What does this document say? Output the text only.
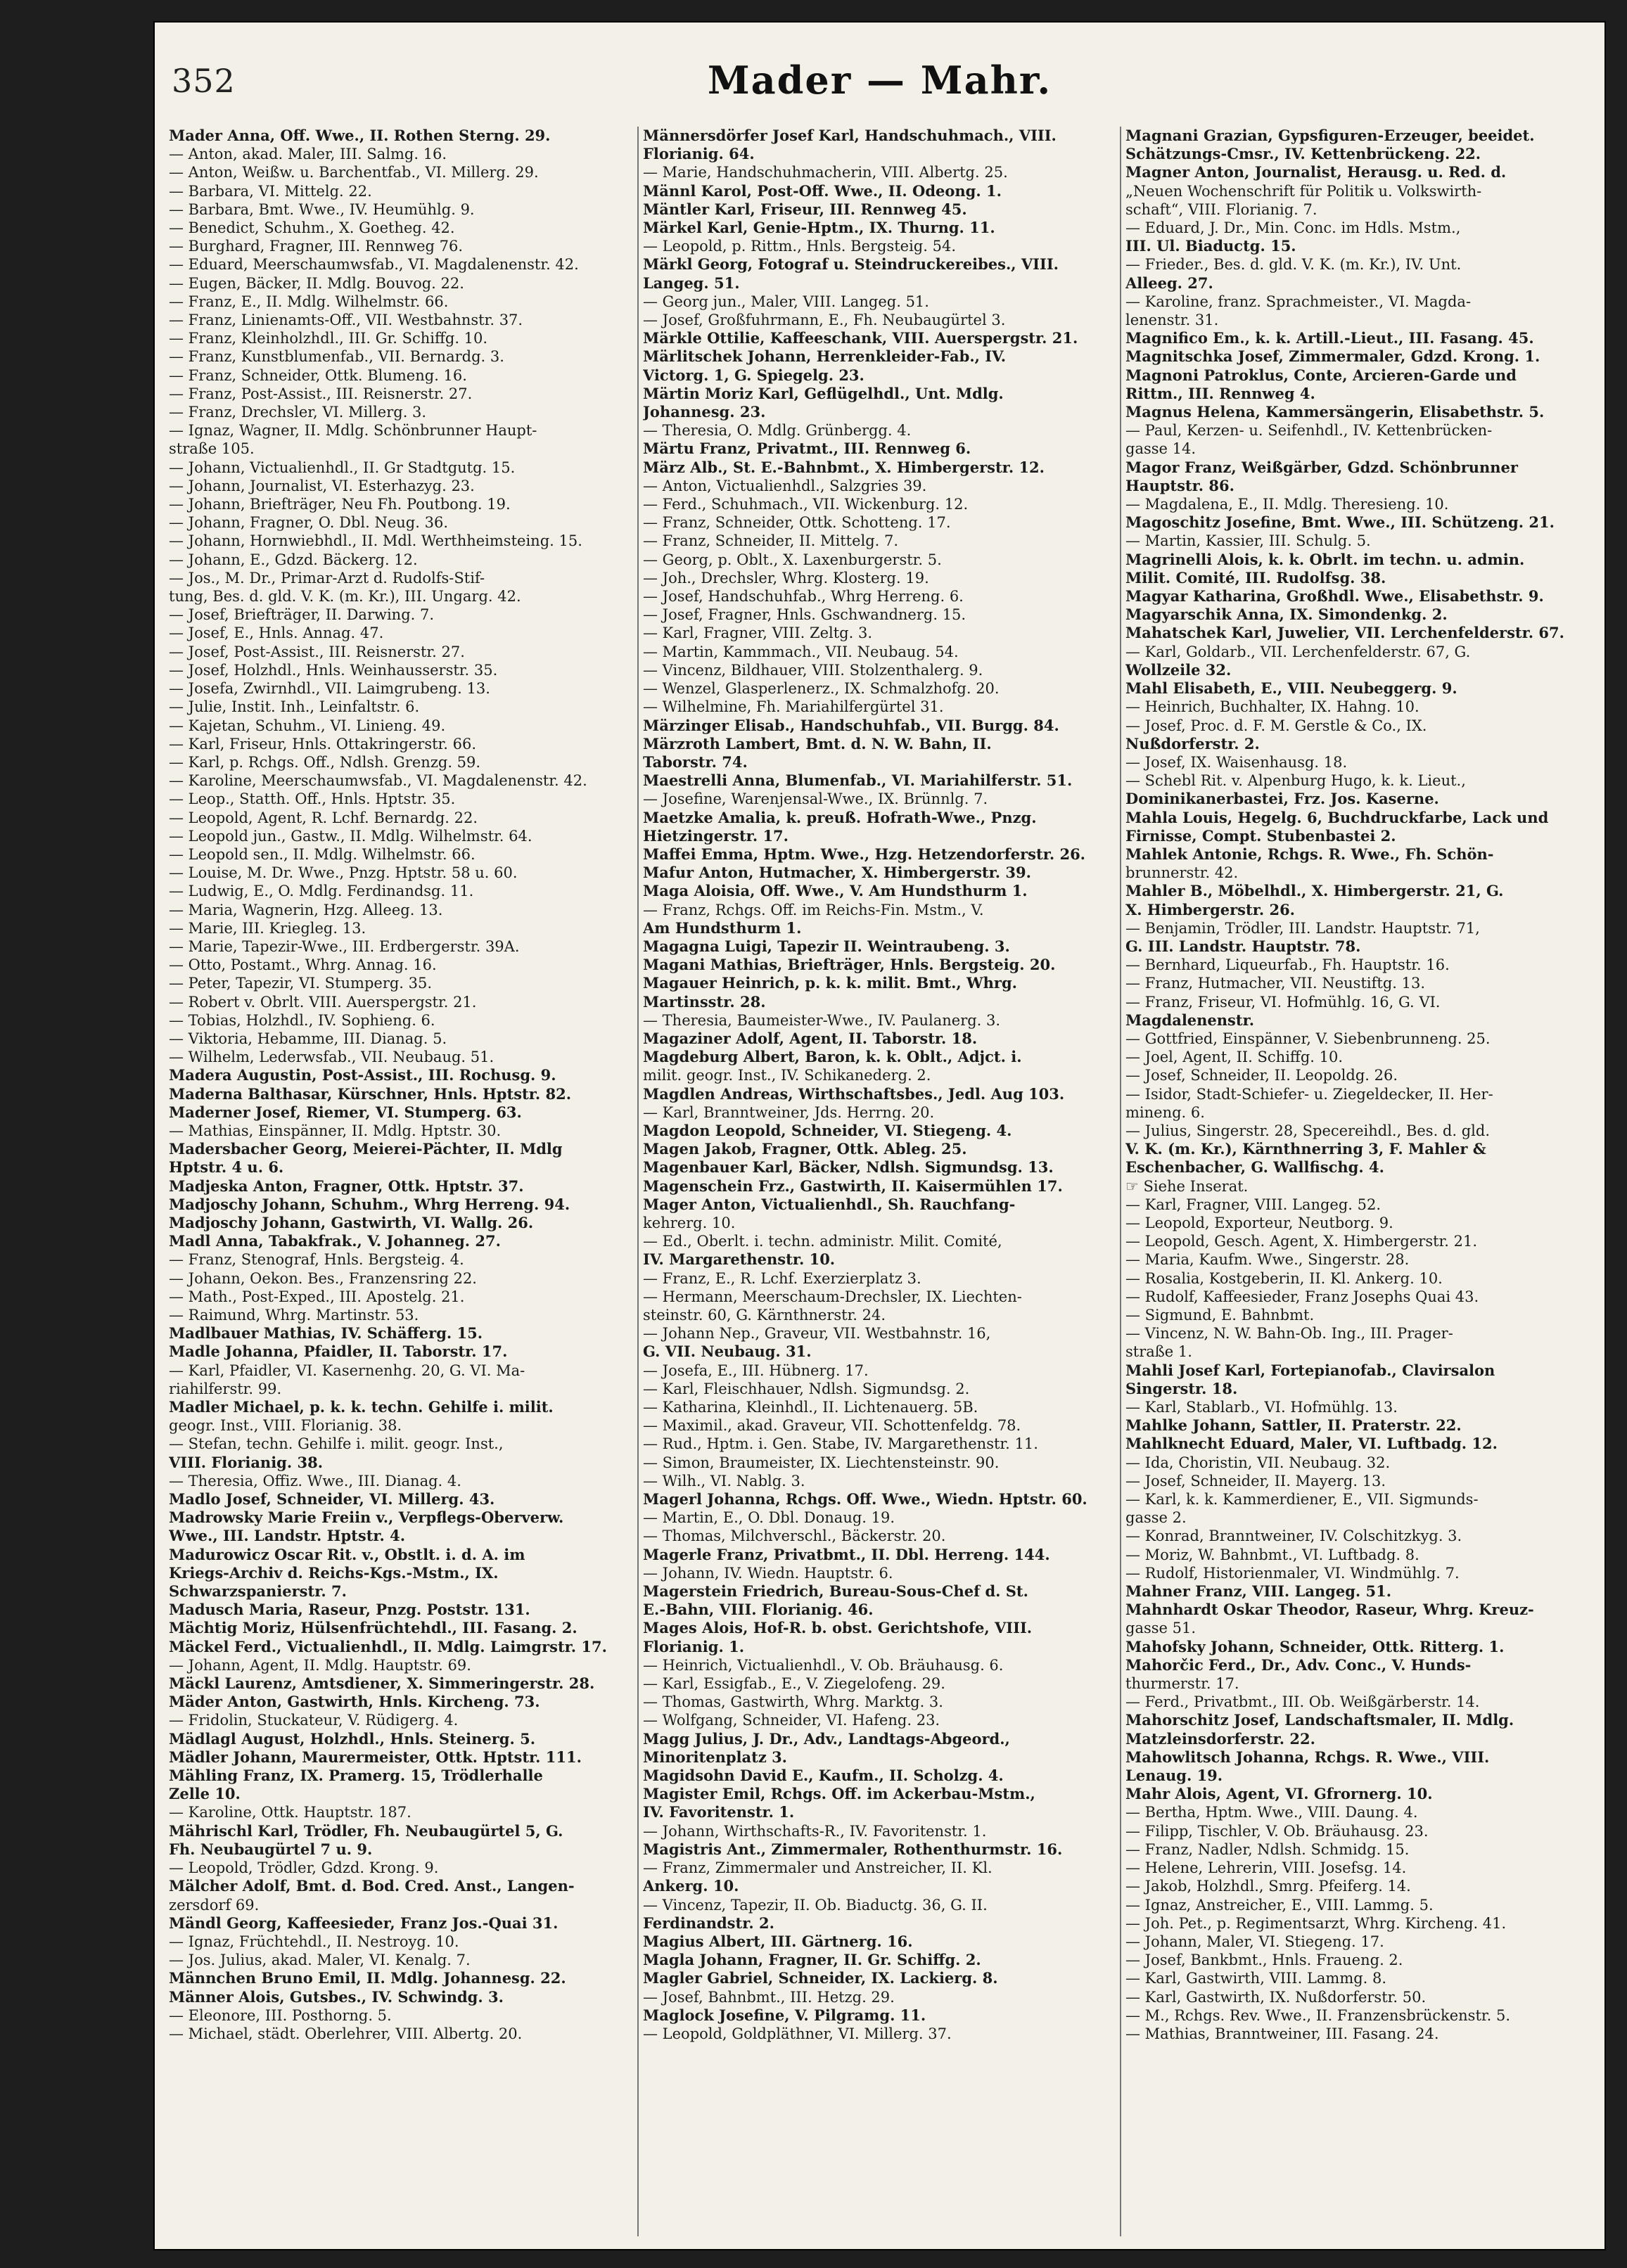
352	Mader — Mahr.

Mader Anna, Off. Wwe., II. Rothen Sterng. 29.

— Anton, akad. Maler, III. Salmg. 16.

— Anton, Weißw. u. Barchentfab., VI. Millerg. 29.

— Barbara, VI. Mittelg. 22.

— Barbara, Bmt. Wwe., IV. Heumühlg. 9.

— Benedict, Schuhm., X. Goetheg. 42.

— Burghard, Fragner, III. Rennweg 76.

— Eduard, Meerschaumwsfab., VI. Magdalenenstr. 42.

— Eugen, Bäcker, II. Mdlg. Bouvog. 22.

— Franz, E., II. Mdlg. Wilhelmstr. 66.

— Franz, Linienamts-Off., VII. Westbahnstr. 37.

— Franz, Kleinholzhdl., III. Gr. Schiffg. 10.

— Franz, Kunstblumenfab., VII. Bernardg. 3.

— Franz, Schneider, Ottk. Blumeng. 16.

— Franz, Post-Assist., III. Reisnerstr. 27.

— Franz, Drechsler, VI. Millerg. 3.

— Ignaz, Wagner, II. Mdlg. Schönbrunner Haupt-

straße 105.

— Johann, Victualienhdl., II. Gr Stadtgutg. 15.

— Johann, Journalist, VI. Esterhazyg. 23.

— Johann, Briefträger, Neu Fh. Poutbong. 19.

— Johann, Fragner, O. Dbl. Neug. 36.

— Johann, Hornwiebhdl., II. Mdl. Werthheimsteing. 15.

— Johann, E., Gdzd. Bäckerg. 12.

— Jos., M. Dr., Primar-Arzt d. Rudolfs-Stif-

tung, Bes. d. gld. V. K. (m. Kr.), III. Ungarg. 42.

— Josef, Briefträger, II. Darwing. 7.

— Josef, E., Hnls. Annag. 47.

— Josef, Post-Assist., III. Reisnerstr. 27.

— Josef, Holzhdl., Hnls. Weinhausserstr. 35.

— Josefa, Zwirnhdl., VII. Laimgrubeng. 13.

— Julie, Instit. Inh., Leinfaltstr. 6.

— Kajetan, Schuhm., VI. Linieng. 49.

— Karl, Friseur, Hnls. Ottakringerstr. 66.

— Karl, p. Rchgs. Off., Ndlsh. Grenzg. 59.

— Karoline, Meerschaumwsfab., VI. Magdalenenstr. 42.

— Leop., Statth. Off., Hnls. Hptstr. 35.

— Leopold, Agent, R. Lchf. Bernardg. 22.

— Leopold jun., Gastw., II. Mdlg. Wilhelmstr. 64.

— Leopold sen., II. Mdlg. Wilhelmstr. 66.

— Louise, M. Dr. Wwe., Pnzg. Hptstr. 58 u. 60.

— Ludwig, E., O. Mdlg. Ferdinandsg. 11.

— Maria, Wagnerin, Hzg. Alleeg. 13.

— Marie, III. Kriegleg. 13.

— Marie, Tapezir-Wwe., III. Erdbergerstr. 39A.

— Otto, Postamt., Whrg. Annag. 16.

— Peter, Tapezir, VI. Stumperg. 35.

— Robert v. Obrlt. VIII. Auerspergstr. 21.

— Tobias, Holzhdl., IV. Sophieng. 6.

— Viktoria, Hebamme, III. Dianag. 5.

— Wilhelm, Lederwsfab., VII. Neubaug. 51.

Madera Augustin, Post-Assist., III. Rochusg. 9.

Maderna Balthasar, Kürschner, Hnls. Hptstr. 82.

Maderner Josef, Riemer, VI. Stumperg. 63.

— Mathias, Einspänner, II. Mdlg. Hptstr. 30.

Madersbacher Georg, Meierei-Pächter, II. Mdlg

Hptstr. 4 u. 6.

Madjeska Anton, Fragner, Ottk. Hptstr. 37.

Madjoschy Johann, Schuhm., Whrg Herreng. 94.

Madjoschy Johann, Gastwirth, VI. Wallg. 26.

Madl Anna, Tabakfrak., V. Johanneg. 27.

— Franz, Stenograf, Hnls. Bergsteig. 4.

— Johann, Oekon. Bes., Franzensring 22.

— Math., Post-Exped., III. Apostelg. 21.

— Raimund, Whrg. Martinstr. 53.

Madlbauer Mathias, IV. Schäfferg. 15.

Madle Johanna, Pfaidler, II. Taborstr. 17.

— Karl, Pfaidler, VI. Kasernenhg. 20, G. VI. Ma-

riahilferstr. 99.

Madler Michael, p. k. k. techn. Gehilfe i. milit.

geogr. Inst., VIII. Florianig. 38.

— Stefan, techn. Gehilfe i. milit. geogr. Inst.,

VIII. Florianig. 38.

— Theresia, Offiz. Wwe., III. Dianag. 4.

Madlo Josef, Schneider, VI. Millerg. 43.

Madrowsky Marie Freiin v., Verpflegs-Oberverw.

Wwe., III. Landstr. Hptstr. 4.

Madurowicz Oscar Rit. v., Obstlt. i. d. A. im

Kriegs-Archiv d. Reichs-Kgs.-Mstm., IX.

Schwarzspanierstr. 7.

Madusch Maria, Raseur, Pnzg. Poststr. 131.

Mächtig Moriz, Hülsenfrüchtehdl., III. Fasang. 2.

Mäckel Ferd., Victualienhdl., II. Mdlg. Laimgrstr. 17.

— Johann, Agent, II. Mdlg. Hauptstr. 69.

Mäckl Laurenz, Amtsdiener, X. Simmeringerstr. 28.

Mäder Anton, Gastwirth, Hnls. Kircheng. 73.

— Fridolin, Stuckateur, V. Rüdigerg. 4.

Mädlagl August, Holzhdl., Hnls. Steinerg. 5.

Mädler Johann, Maurermeister, Ottk. Hptstr. 111.

Mähling Franz, IX. Pramerg. 15, Trödlerhalle

Zelle 10.

— Karoline, Ottk. Hauptstr. 187.

Mährischl Karl, Trödler, Fh. Neubaugürtel 5, G.

Fh. Neubaugürtel 7 u. 9.

— Leopold, Trödler, Gdzd. Krong. 9.

Mälcher Adolf, Bmt. d. Bod. Cred. Anst., Langen-

zersdorf 69.

Mändl Georg, Kaffeesieder, Franz Jos.-Quai 31.

— Ignaz, Früchtehdl., II. Nestroyg. 10.

— Jos. Julius, akad. Maler, VI. Kenalg. 7.

Männchen Bruno Emil, II. Mdlg. Johannesg. 22.

Männer Alois, Gutsbes., IV. Schwindg. 3.

— Eleonore, III. Posthorng. 5.

— Michael, städt. Oberlehrer, VIII. Albertg. 20.

Männersdörfer Josef Karl, Handschuhmach., VIII.

Florianig. 64.

— Marie, Handschuhmacherin, VIII. Albertg. 25.

Männl Karol, Post-Off. Wwe., II. Odeong. 1.

Mäntler Karl, Friseur, III. Rennweg 45.

Märkel Karl, Genie-Hptm., IX. Thurng. 11.

— Leopold, p. Rittm., Hnls. Bergsteig. 54.

Märkl Georg, Fotograf u. Steindruckereibes., VIII.

Langeg. 51.

— Georg jun., Maler, VIII. Langeg. 51.

— Josef, Großfuhrmann, E., Fh. Neubaugürtel 3.

Märkle Ottilie, Kaffeeschank, VIII. Auerspergstr. 21.

Märlitschek Johann, Herrenkleider-Fab., IV.

Victorg. 1, G. Spiegelg. 23.

Märtin Moriz Karl, Geflügelhdl., Unt. Mdlg.

Johannesg. 23.

— Theresia, O. Mdlg. Grünbergg. 4.

Märtu Franz, Privatmt., III. Rennweg 6.

März Alb., St. E.-Bahnbmt., X. Himbergerstr. 12.

— Anton, Victualienhdl., Salzgries 39.

— Ferd., Schuhmach., VII. Wickenburg. 12.

— Franz, Schneider, Ottk. Schotteng. 17.

— Franz, Schneider, II. Mittelg. 7.

— Georg, p. Oblt., X. Laxenburgerstr. 5.

— Joh., Drechsler, Whrg. Klosterg. 19.

— Josef, Handschuhfab., Whrg Herreng. 6.

— Josef, Fragner, Hnls. Gschwandnerg. 15.

— Karl, Fragner, VIII. Zeltg. 3.

— Martin, Kammmach., VII. Neubaug. 54.

— Vincenz, Bildhauer, VIII. Stolzenthalerg. 9.

— Wenzel, Glasperlenerz., IX. Schmalzhofg. 20.

— Wilhelmine, Fh. Mariahilfergürtel 31.

Märzinger Elisab., Handschuhfab., VII. Burgg. 84.

Märzroth Lambert, Bmt. d. N. W. Bahn, II.

Taborstr. 74.

Maestrelli Anna, Blumenfab., VI. Mariahilferstr. 51.

— Josefine, Warenjensal-Wwe., IX. Brünnlg. 7.

Maetzke Amalia, k. preuß. Hofrath-Wwe., Pnzg.

Hietzingerstr. 17.

Maffei Emma, Hptm. Wwe., Hzg. Hetzendorferstr. 26.

Mafur Anton, Hutmacher, X. Himbergerstr. 39.

Maga Aloisia, Off. Wwe., V. Am Hundsthurm 1.

— Franz, Rchgs. Off. im Reichs-Fin. Mstm., V.

Am Hundsthurm 1.

Magagna Luigi, Tapezir II. Weintraubeng. 3.

Magani Mathias, Briefträger, Hnls. Bergsteig. 20.

Magauer Heinrich, p. k. k. milit. Bmt., Whrg.

Martinsstr. 28.

— Theresia, Baumeister-Wwe., IV. Paulanerg. 3.

Magaziner Adolf, Agent, II. Taborstr. 18.

Magdeburg Albert, Baron, k. k. Oblt., Adjct. i.

milit. geogr. Inst., IV. Schikanederg. 2.

Magdlen Andreas, Wirthschaftsbes., Jedl. Aug 103.

— Karl, Branntweiner, Jds. Herrng. 20.

Magdon Leopold, Schneider, VI. Stiegeng. 4.

Magen Jakob, Fragner, Ottk. Ableg. 25.

Magenbauer Karl, Bäcker, Ndlsh. Sigmundsg. 13.

Magenschein Frz., Gastwirth, II. Kaisermühlen 17.

Mager Anton, Victualienhdl., Sh. Rauchfang-

kehrerg. 10.

— Ed., Oberlt. i. techn. administr. Milit. Comité,

IV. Margarethenstr. 10.

— Franz, E., R. Lchf. Exerzierplatz 3.

— Hermann, Meerschaum-Drechsler, IX. Liechten-

steinstr. 60, G. Kärnthnerstr. 24.

— Johann Nep., Graveur, VII. Westbahnstr. 16,

G. VII. Neubaug. 31.

— Josefa, E., III. Hübnerg. 17.

— Karl, Fleischhauer, Ndlsh. Sigmundsg. 2.

— Katharina, Kleinhdl., II. Lichtenauerg. 5B.

— Maximil., akad. Graveur, VII. Schottenfeldg. 78.

— Rud., Hptm. i. Gen. Stabe, IV. Margarethenstr. 11.

— Simon, Braumeister, IX. Liechtensteinstr. 90.

— Wilh., VI. Nablg. 3.

Magerl Johanna, Rchgs. Off. Wwe., Wiedn. Hptstr. 60.

— Martin, E., O. Dbl. Donaug. 19.

— Thomas, Milchverschl., Bäckerstr. 20.

Magerle Franz, Privatbmt., II. Dbl. Herreng. 144.

— Johann, IV. Wiedn. Hauptstr. 6.

Magerstein Friedrich, Bureau-Sous-Chef d. St.

E.-Bahn, VIII. Florianig. 46.

Mages Alois, Hof-R. b. obst. Gerichtshofe, VIII.

Florianig. 1.

— Heinrich, Victualienhdl., V. Ob. Bräuhausg. 6.

— Karl, Essigfab., E., V. Ziegelofeng. 29.

— Thomas, Gastwirth, Whrg. Marktg. 3.

— Wolfgang, Schneider, VI. Hafeng. 23.

Magg Julius, J. Dr., Adv., Landtags-Abgeord.,

Minoritenplatz 3.

Magidsohn David E., Kaufm., II. Scholzg. 4.

Magister Emil, Rchgs. Off. im Ackerbau-Mstm.,

IV. Favoritenstr. 1.

— Johann, Wirthschafts-R., IV. Favoritenstr. 1.

Magistris Ant., Zimmermaler, Rothenthurmstr. 16.

— Franz, Zimmermaler und Anstreicher, II. Kl.

Ankerg. 10.

— Vincenz, Tapezir, II. Ob. Biaductg. 36, G. II.

Ferdinandstr. 2.

Magius Albert, III. Gärtnerg. 16.

Magla Johann, Fragner, II. Gr. Schiffg. 2.

Magler Gabriel, Schneider, IX. Lackierg. 8.

— Josef, Bahnbmt., III. Hetzg. 29.

Maglock Josefine, V. Pilgramg. 11.

— Leopold, Goldpläthner, VI. Millerg. 37.

Magnani Grazian, Gypsfiguren-Erzeuger, beeidet.

Schätzungs-Cmsr., IV. Kettenbrückeng. 22.

Magner Anton, Journalist, Herausg. u. Red. d.

„Neuen Wochenschrift für Politik u. Volkswirth-

schaft“, VIII. Florianig. 7.

— Eduard, J. Dr., Min. Conc. im Hdls. Mstm.,

III. Ul. Biaductg. 15.

— Frieder., Bes. d. gld. V. K. (m. Kr.), IV. Unt.

Alleeg. 27.

— Karoline, franz. Sprachmeister., VI. Magda-

lenenstr. 31.

Magnifico Em., k. k. Artill.-Lieut., III. Fasang. 45.

Magnitschka Josef, Zimmermaler, Gdzd. Krong. 1.

Magnoni Patroklus, Conte, Arcieren-Garde und

Rittm., III. Rennweg 4.

Magnus Helena, Kammersängerin, Elisabethstr. 5.

— Paul, Kerzen- u. Seifenhdl., IV. Kettenbrücken-

gasse 14.

Magor Franz, Weißgärber, Gdzd. Schönbrunner

Hauptstr. 86.

— Magdalena, E., II. Mdlg. Theresieng. 10.

Magoschitz Josefine, Bmt. Wwe., III. Schützeng. 21.

— Martin, Kassier, III. Schulg. 5.

Magrinelli Alois, k. k. Obrlt. im techn. u. admin.

Milit. Comité, III. Rudolfsg. 38.

Magyar Katharina, Großhdl. Wwe., Elisabethstr. 9.

Magyarschik Anna, IX. Simondenkg. 2.

Mahatschek Karl, Juwelier, VII. Lerchenfelderstr. 67.

— Karl, Goldarb., VII. Lerchenfelderstr. 67, G.

Wollzeile 32.

Mahl Elisabeth, E., VIII. Neubeggerg. 9.

— Heinrich, Buchhalter, IX. Hahng. 10.

— Josef, Proc. d. F. M. Gerstle & Co., IX.

Nußdorferstr. 2.

— Josef, IX. Waisenhausg. 18.

— Schebl Rit. v. Alpenburg Hugo, k. k. Lieut.,

Dominikanerbastei, Frz. Jos. Kaserne.

Mahla Louis, Hegelg. 6, Buchdruckfarbe, Lack und

Firnisse, Compt. Stubenbastei 2.

Mahlek Antonie, Rchgs. R. Wwe., Fh. Schön-

brunnerstr. 42.

Mahler B., Möbelhdl., X. Himbergerstr. 21, G.

X. Himbergerstr. 26.

— Benjamin, Trödler, III. Landstr. Hauptstr. 71,

G. III. Landstr. Hauptstr. 78.

— Bernhard, Liqueurfab., Fh. Hauptstr. 16.

— Franz, Hutmacher, VII. Neustiftg. 13.

— Franz, Friseur, VI. Hofmühlg. 16, G. VI.

Magdalenenstr.

— Gottfried, Einspänner, V. Siebenbrunneng. 25.

— Joel, Agent, II. Schiffg. 10.

— Josef, Schneider, II. Leopoldg. 26.

— Isidor, Stadt-Schiefer- u. Ziegeldecker, II. Her-

mineng. 6.

— Julius, Singerstr. 28, Specereihdl., Bes. d. gld.

V. K. (m. Kr.), Kärnthnerring 3, F. Mahler &

Eschenbacher, G. Wallfischg. 4.

☞ Siehe Inserat.

— Karl, Fragner, VIII. Langeg. 52.

— Leopold, Exporteur, Neutborg. 9.

— Leopold, Gesch. Agent, X. Himbergerstr. 21.

— Maria, Kaufm. Wwe., Singerstr. 28.

— Rosalia, Kostgeberin, II. Kl. Ankerg. 10.

— Rudolf, Kaffeesieder, Franz Josephs Quai 43.

— Sigmund, E. Bahnbmt.

— Vincenz, N. W. Bahn-Ob. Ing., III. Prager-

straße 1.

Mahli Josef Karl, Fortepianofab., Clavirsalon

Singerstr. 18.

— Karl, Stablarb., VI. Hofmühlg. 13.

Mahlke Johann, Sattler, II. Praterstr. 22.

Mahlknecht Eduard, Maler, VI. Luftbadg. 12.

— Ida, Choristin, VII. Neubaug. 32.

— Josef, Schneider, II. Mayerg. 13.

— Karl, k. k. Kammerdiener, E., VII. Sigmunds-

gasse 2.

— Konrad, Branntweiner, IV. Colschitzkyg. 3.

— Moriz, W. Bahnbmt., VI. Luftbadg. 8.

— Rudolf, Historienmaler, VI. Windmühlg. 7.

Mahner Franz, VIII. Langeg. 51.

Mahnhardt Oskar Theodor, Raseur, Whrg. Kreuz-

gasse 51.

Mahofsky Johann, Schneider, Ottk. Ritterg. 1.

Mahorčic Ferd., Dr., Adv. Conc., V. Hunds-

thurmerstr. 17.

— Ferd., Privatbmt., III. Ob. Weißgärberstr. 14.

Mahorschitz Josef, Landschaftsmaler, II. Mdlg.

Matzleinsdorferstr. 22.

Mahowlitsch Johanna, Rchgs. R. Wwe., VIII.

Lenaug. 19.

Mahr Alois, Agent, VI. Gfrornerg. 10.

— Bertha, Hptm. Wwe., VIII. Daung. 4.

— Filipp, Tischler, V. Ob. Bräuhausg. 23.

— Franz, Nadler, Ndlsh. Schmidg. 15.

— Helene, Lehrerin, VIII. Josefsg. 14.

— Jakob, Holzhdl., Smrg. Pfeiferg. 14.

— Ignaz, Anstreicher, E., VIII. Lammg. 5.

— Joh. Pet., p. Regimentsarzt, Whrg. Kircheng. 41.

— Johann, Maler, VI. Stiegeng. 17.

— Josef, Bankbmt., Hnls. Fraueng. 2.

— Karl, Gastwirth, VIII. Lammg. 8.

— Karl, Gastwirth, IX. Nußdorferstr. 50.

— M., Rchgs. Rev. Wwe., II. Franzensbrückenstr. 5.

— Mathias, Branntweiner, III. Fasang. 24.
